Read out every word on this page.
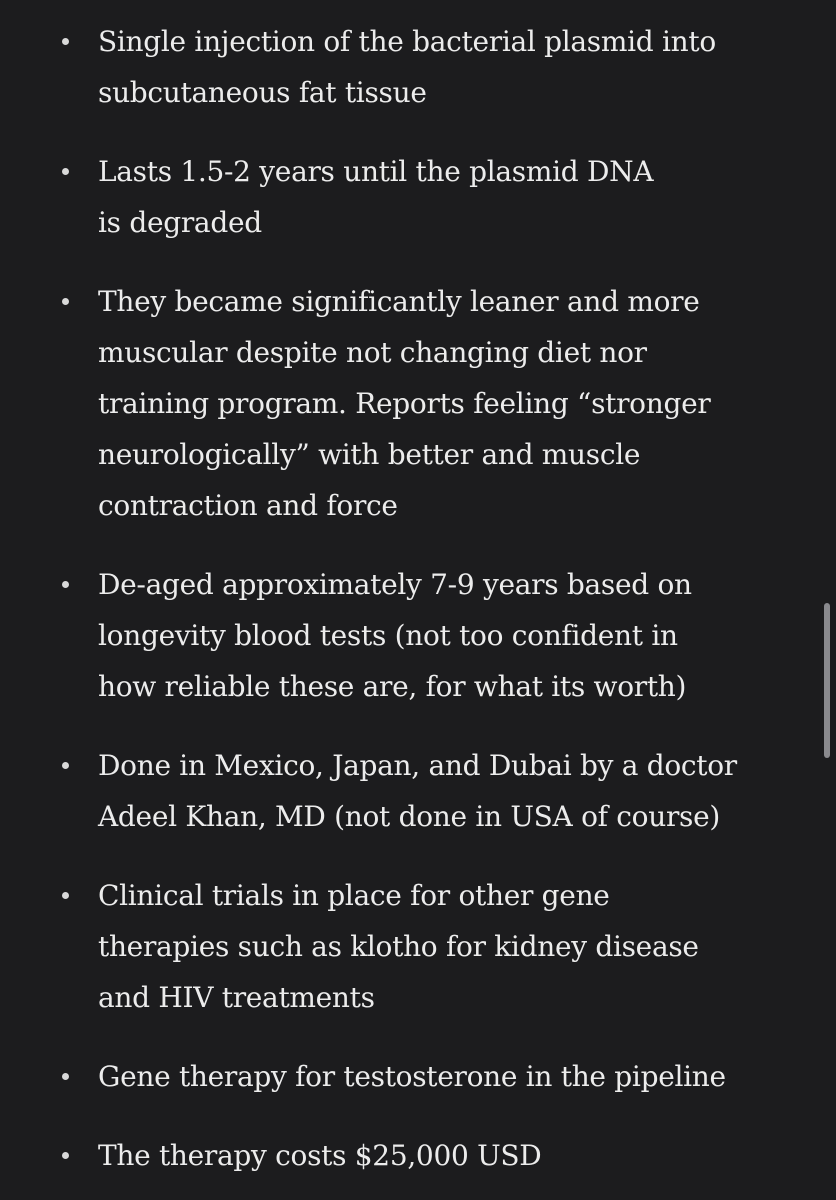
Single injection of the bacterial plasmid into
subcutaneous fat tissue
Lasts 1.5-2 years until the plasmid DNA
is degraded
They became significantly leaner and more
muscular despite not changing diet nor
training program. Reports feeling “stronger
neurologically” with better and muscle
contraction and force
De-aged approximately 7-9 years based on
longevity blood tests (not too confident in
how reliable these are, for what its worth)
Done in Mexico, Japan, and Dubai by a doctor
Adeel Khan, MD (not done in USA of course)
Clinical trials in place for other gene
therapies such as klotho for kidney disease
and HIV treatments
Gene therapy for testosterone in the pipeline
The therapy costs $25,000 USD
